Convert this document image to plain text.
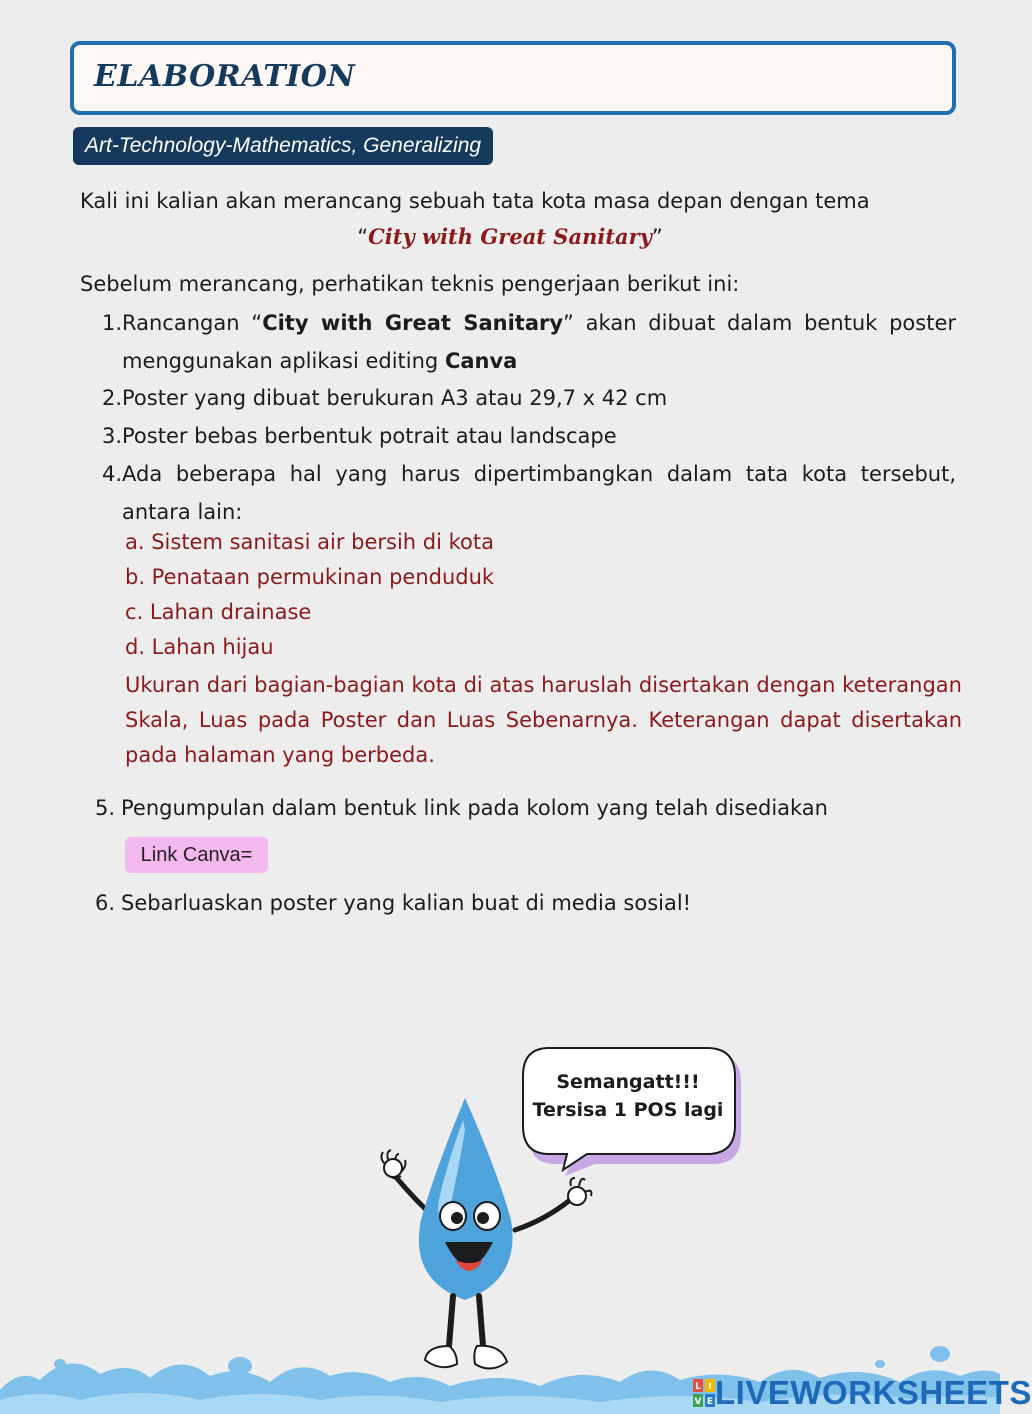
ELABORATION
Art-Technology-Mathematics, Generalizing
Kali ini kalian akan merancang sebuah tata kota masa depan dengan tema
“City with Great Sanitary”
Sebelum merancang, perhatikan teknis pengerjaan berikut ini:
1. Rancangan “City with Great Sanitary” akan dibuat dalam bentuk poster menggunakan aplikasi editing Canva
2. Poster yang dibuat berukuran A3 atau 29,7 x 42 cm
3. Poster bebas berbentuk potrait atau landscape
4. Ada beberapa hal yang harus dipertimbangkan dalam tata kota tersebut, antara lain:
a. Sistem sanitasi air bersih di kota
b. Penataan permukinan penduduk
c. Lahan drainase
d. Lahan hijau
Ukuran dari bagian-bagian kota di atas haruslah disertakan dengan keterangan Skala, Luas pada Poster dan Luas Sebenarnya. Keterangan dapat disertakan pada halaman yang berbeda.
5. Pengumpulan dalam bentuk link pada kolom yang telah disediakan
Link Canva=
6. Sebarluaskan poster yang kalian buat di media sosial!
Semangatt!!!
Tersisa 1 POS lagi
L I
V E LIVEWORKSHEETS
